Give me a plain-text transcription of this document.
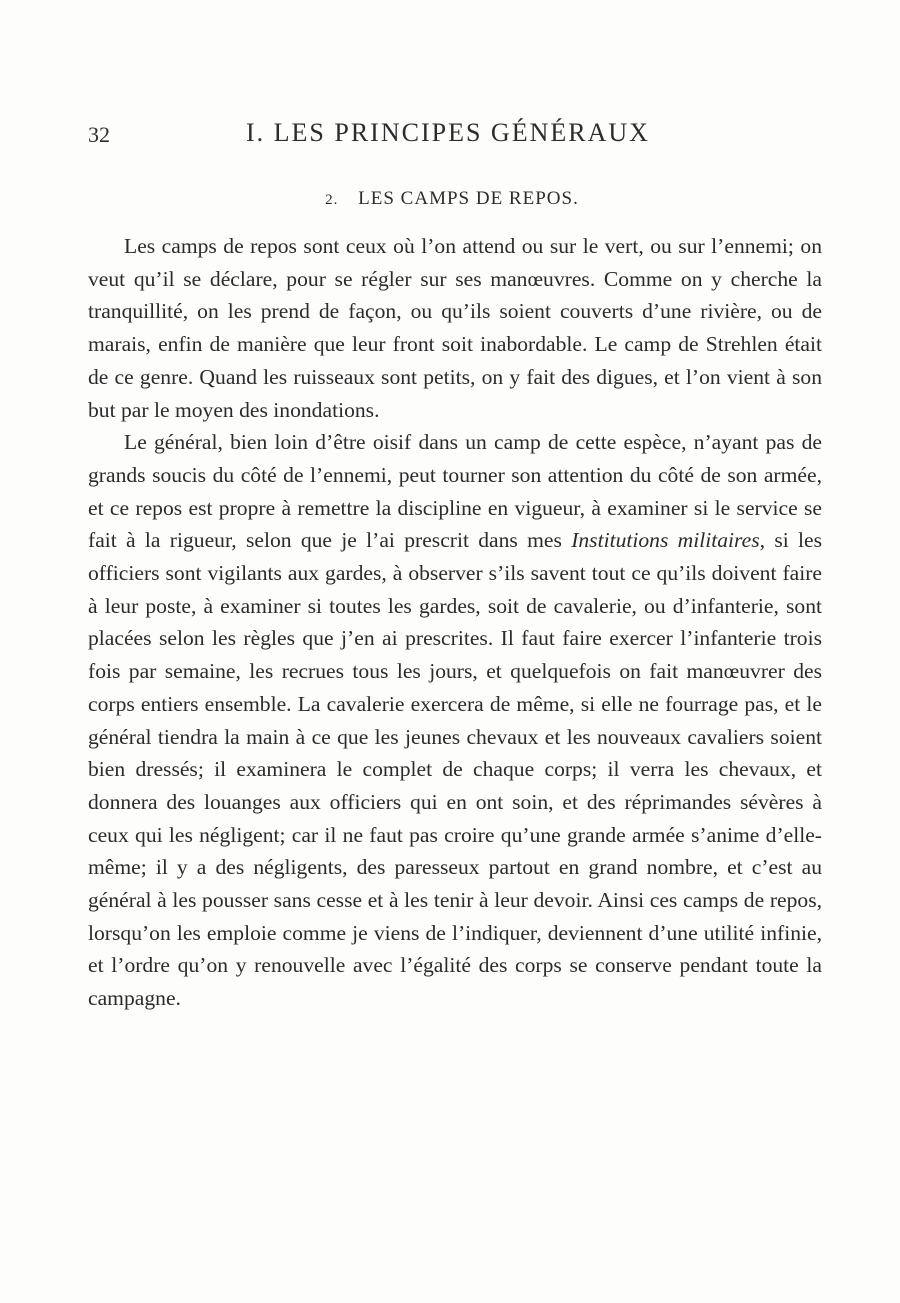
32	I. LES PRINCIPES GÉNÉRAUX
2. LES CAMPS DE REPOS.

Les camps de repos sont ceux où l’on attend ou sur le vert, ou sur l’ennemi; on veut qu’il se déclare, pour se régler sur ses manœuvres. Comme on y cherche la tranquillité, on les prend de façon, ou qu’ils soient couverts d’une rivière, ou de marais, enfin de manière que leur front soit inabordable. Le camp de Strehlen était de ce genre. Quand les ruisseaux sont petits, on y fait des digues, et l’on vient à son but par le moyen des inondations.

Le général, bien loin d’être oisif dans un camp de cette espèce, n’ayant pas de grands soucis du côté de l’ennemi, peut tourner son attention du côté de son armée, et ce repos est propre à remettre la discipline en vigueur, à examiner si le service se fait à la rigueur, selon que je l’ai prescrit dans mes Institutions militaires, si les officiers sont vigilants aux gardes, à observer s’ils savent tout ce qu’ils doivent faire à leur poste, à examiner si toutes les gardes, soit de cavalerie, ou d’infanterie, sont placées selon les règles que j’en ai prescrites. Il faut faire exercer l’infanterie trois fois par semaine, les recrues tous les jours, et quelquefois on fait manœuvrer des corps entiers ensemble. La cavalerie exercera de même, si elle ne fourrage pas, et le général tiendra la main à ce que les jeunes chevaux et les nouveaux cavaliers soient bien dressés; il examinera le complet de chaque corps; il verra les chevaux, et donnera des louanges aux officiers qui en ont soin, et des réprimandes sévères à ceux qui les négligent; car il ne faut pas croire qu’une grande armée s’anime d’elle-même; il y a des négligents, des paresseux partout en grand nombre, et c’est au général à les pousser sans cesse et à les tenir à leur devoir. Ainsi ces camps de repos, lorsqu’on les emploie comme je viens de l’indiquer, deviennent d’une utilité infinie, et l’ordre qu’on y renouvelle avec l’égalité des corps se conserve pendant toute la campagne.
